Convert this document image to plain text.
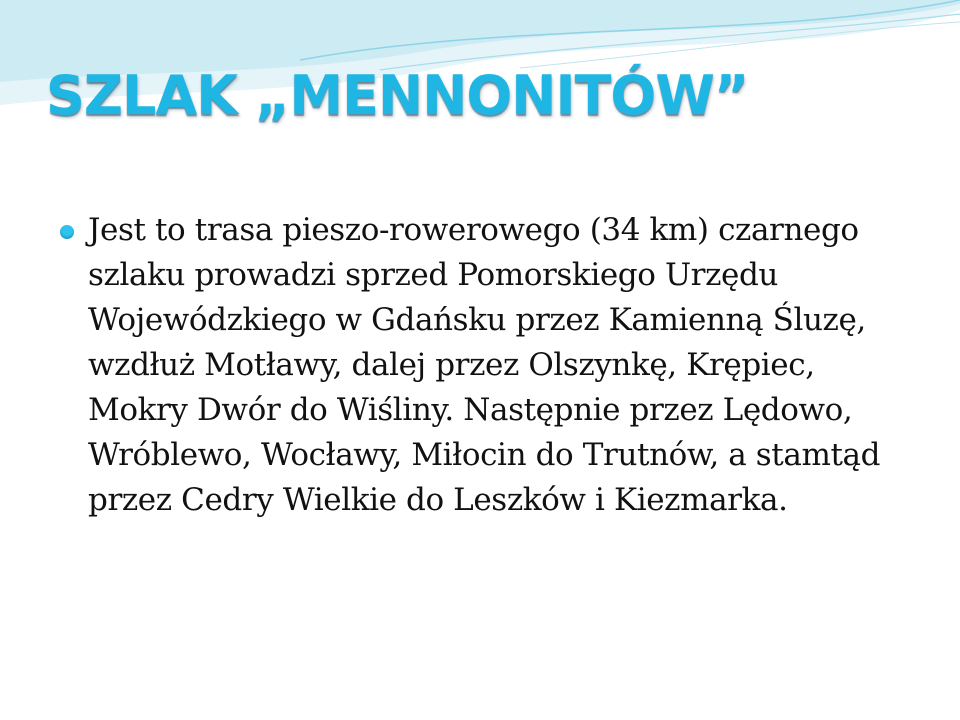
SZLAK „MENNONITÓW”
Jest to trasa pieszo-rowerowego (34 km) czarnego szlaku prowadzi sprzed Pomorskiego Urzędu Wojewódzkiego w Gdańsku przez Kamienną Śluzę, wzdłuż Motławy, dalej przez Olszynkę, Krępiec, Mokry Dwór do Wiśliny. Następnie przez Lędowo, Wróblewo, Wocławy, Miłocin do Trutnów, a stamtąd przez Cedry Wielkie do Leszków i Kiezmarka.
